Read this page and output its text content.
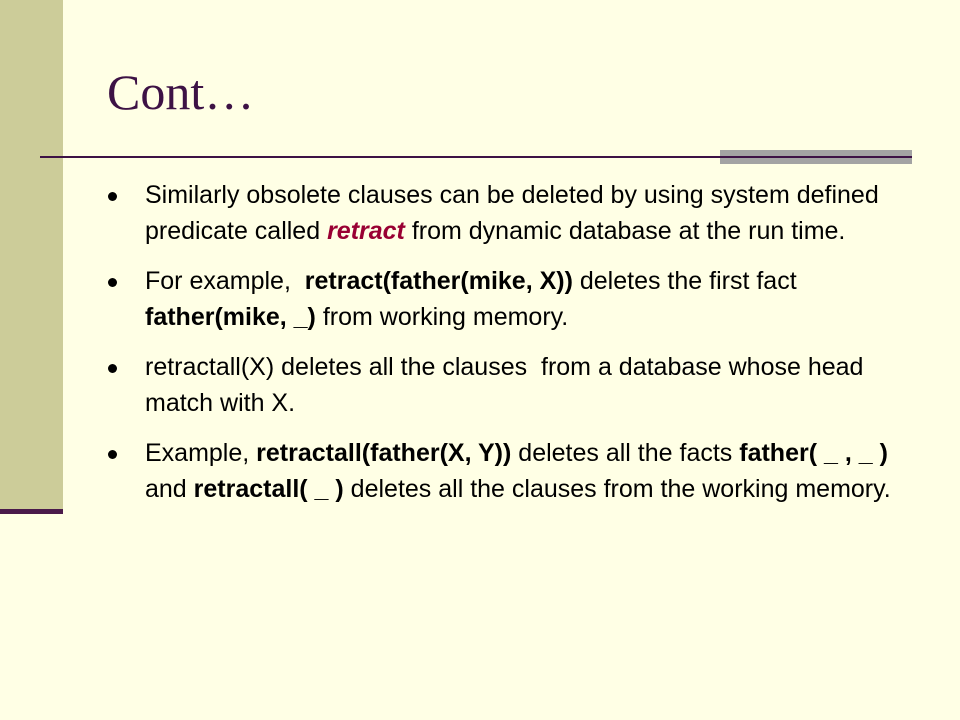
Cont…
Similarly obsolete clauses can be deleted by using system defined predicate called retract from dynamic database at the run time.
For example,  retract(father(mike, X)) deletes the first fact father(mike, _) from working memory.
retractall(X) deletes all the clauses  from a database whose head match with X.
Example, retractall(father(X, Y)) deletes all the facts father( _ , _ ) and retractall( _ ) deletes all the clauses from the working memory.
